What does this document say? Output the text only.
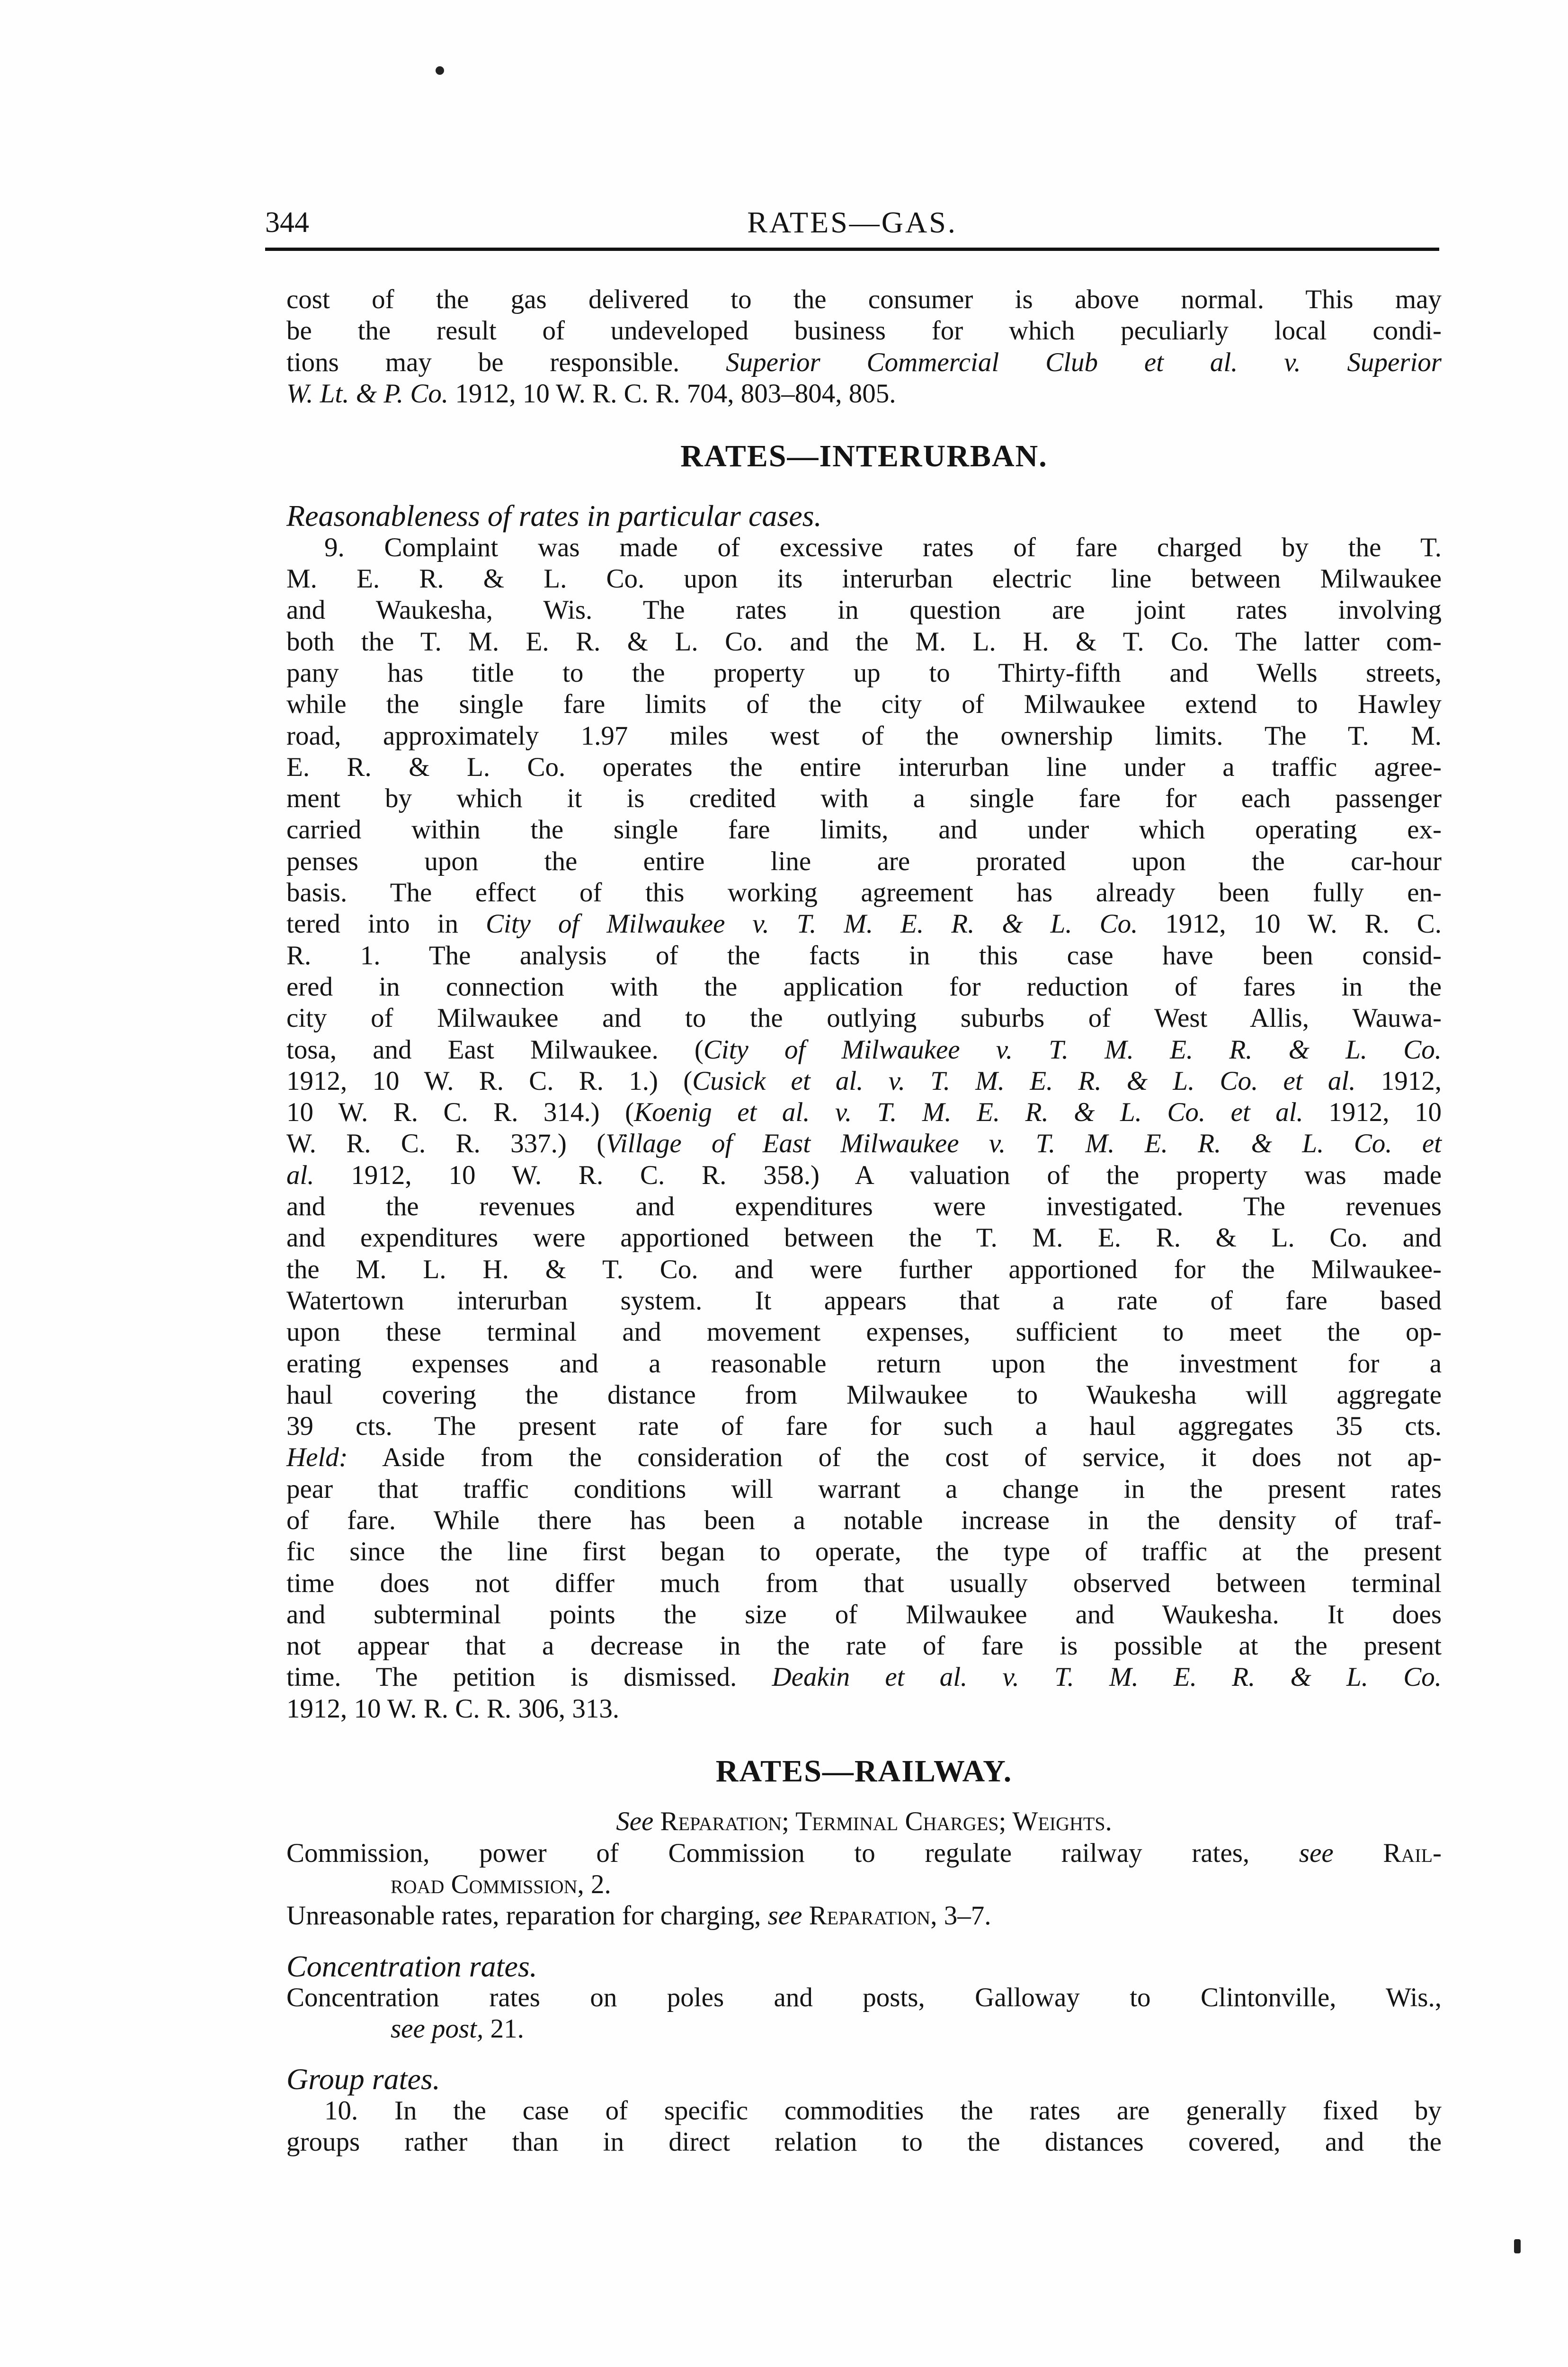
344	RATES—GAS.
cost of the gas delivered to the consumer is above normal. This may
be the result of undeveloped business for which peculiarly local condi-
tions may be responsible. Superior Commercial Club et al. v. Superior
W. Lt. & P. Co. 1912, 10 W. R. C. R. 704, 803–804, 805.
RATES—INTERURBAN.
Reasonableness of rates in particular cases.
9. Complaint was made of excessive rates of fare charged by the T.
M. E. R. & L. Co. upon its interurban electric line between Milwaukee
and Waukesha, Wis. The rates in question are joint rates involving
both the T. M. E. R. & L. Co. and the M. L. H. & T. Co. The latter com-
pany has title to the property up to Thirty-fifth and Wells streets,
while the single fare limits of the city of Milwaukee extend to Hawley
road, approximately 1.97 miles west of the ownership limits. The T. M.
E. R. & L. Co. operates the entire interurban line under a traffic agree-
ment by which it is credited with a single fare for each passenger
carried within the single fare limits, and under which operating ex-
penses upon the entire line are prorated upon the car-hour
basis. The effect of this working agreement has already been fully en-
tered into in City of Milwaukee v. T. M. E. R. & L. Co. 1912, 10 W. R. C.
R. 1. The analysis of the facts in this case have been consid-
ered in connection with the application for reduction of fares in the
city of Milwaukee and to the outlying suburbs of West Allis, Wauwa-
tosa, and East Milwaukee. (City of Milwaukee v. T. M. E. R. & L. Co.
1912, 10 W. R. C. R. 1.) (Cusick et al. v. T. M. E. R. & L. Co. et al. 1912,
10 W. R. C. R. 314.) (Koenig et al. v. T. M. E. R. & L. Co. et al. 1912, 10
W. R. C. R. 337.) (Village of East Milwaukee v. T. M. E. R. & L. Co. et
al. 1912, 10 W. R. C. R. 358.) A valuation of the property was made
and the revenues and expenditures were investigated. The revenues
and expenditures were apportioned between the T. M. E. R. & L. Co. and
the M. L. H. & T. Co. and were further apportioned for the Milwaukee-
Watertown interurban system. It appears that a rate of fare based
upon these terminal and movement expenses, sufficient to meet the op-
erating expenses and a reasonable return upon the investment for a
haul covering the distance from Milwaukee to Waukesha will aggregate
39 cts. The present rate of fare for such a haul aggregates 35 cts.
Held: Aside from the consideration of the cost of service, it does not ap-
pear that traffic conditions will warrant a change in the present rates
of fare. While there has been a notable increase in the density of traf-
fic since the line first began to operate, the type of traffic at the present
time does not differ much from that usually observed between terminal
and subterminal points the size of Milwaukee and Waukesha. It does
not appear that a decrease in the rate of fare is possible at the present
time. The petition is dismissed. Deakin et al. v. T. M. E. R. & L. Co.
1912, 10 W. R. C. R. 306, 313.
RATES—RAILWAY.
See Reparation; Terminal Charges; Weights.
Commission, power of Commission to regulate railway rates, see Rail-
road Commission, 2.
Unreasonable rates, reparation for charging, see Reparation, 3–7.
Concentration rates.
Concentration rates on poles and posts, Galloway to Clintonville, Wis.,
see post, 21.
Group rates.
10. In the case of specific commodities the rates are generally fixed by
groups rather than in direct relation to the distances covered, and the
